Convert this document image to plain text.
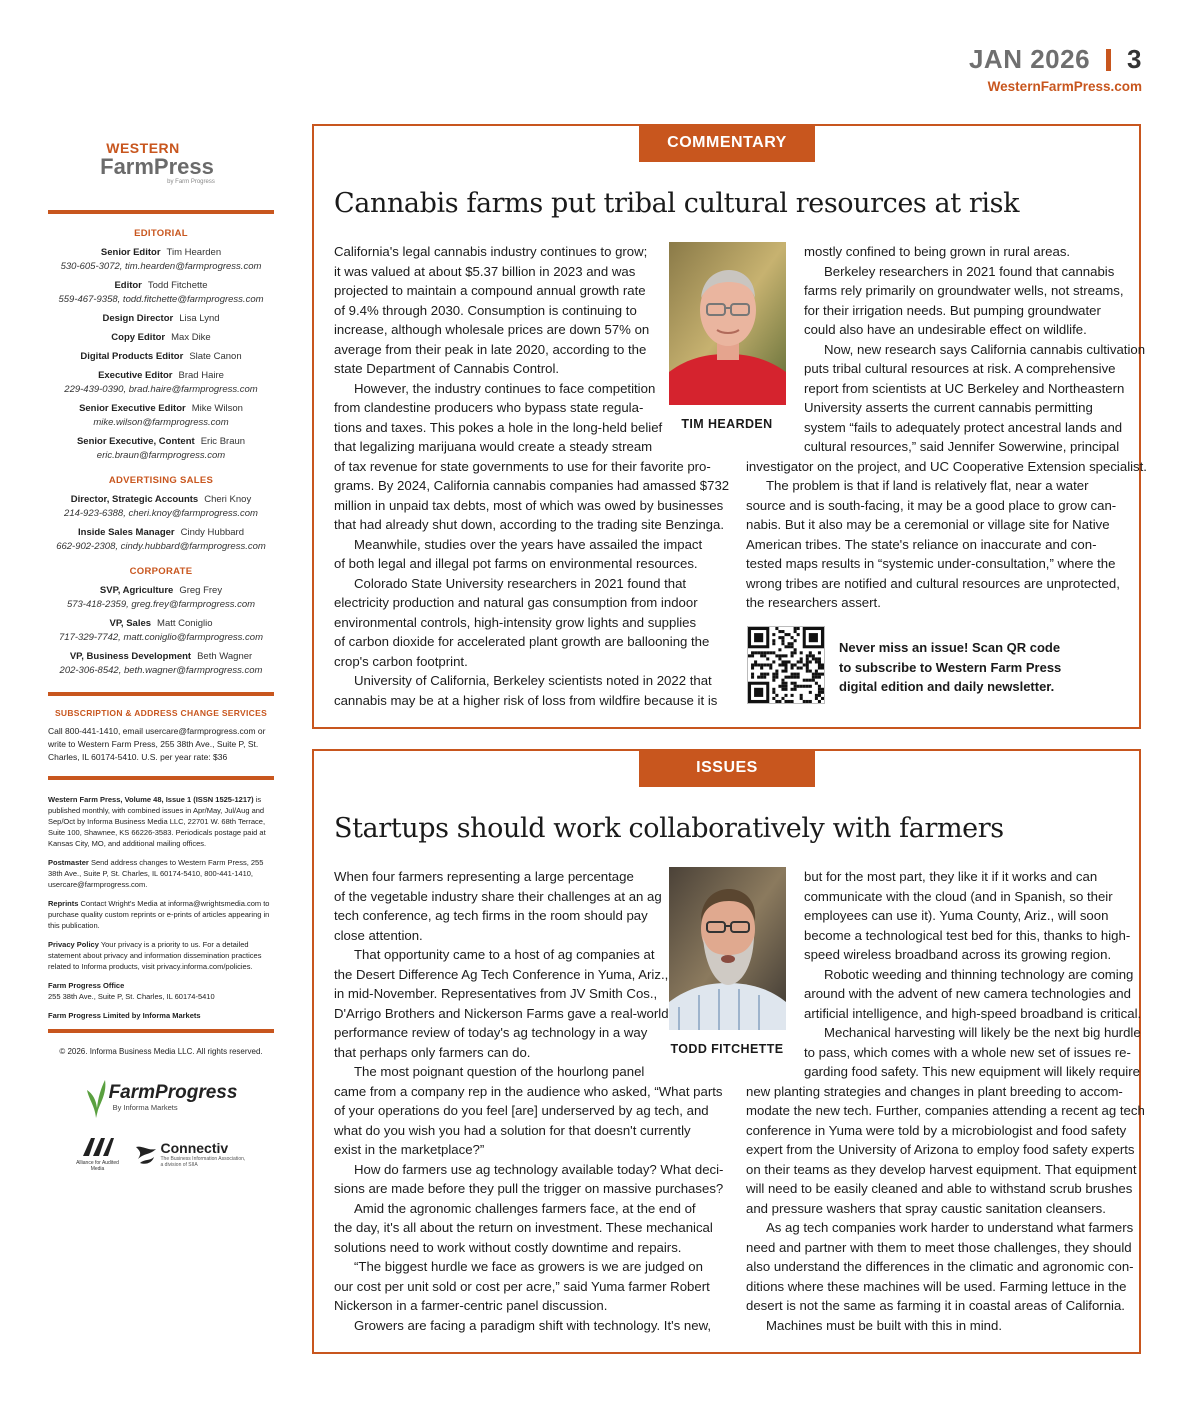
JAN 2026 3
WesternFarmPress.com
WESTERN
FarmPress
by Farm Progress
EDITORIAL
Senior Editor Tim Hearden
530-605-3072, tim.hearden@farmprogress.com
Editor Todd Fitchette
559-467-9358, todd.fitchette@farmprogress.com
Design Director Lisa Lynd
Copy Editor Max Dike
Digital Products Editor Slate Canon
Executive Editor Brad Haire
229-439-0390, brad.haire@farmprogress.com
Senior Executive Editor Mike Wilson
mike.wilson@farmprogress.com
Senior Executive, Content Eric Braun
eric.braun@farmprogress.com
ADVERTISING SALES
Director, Strategic Accounts Cheri Knoy
214-923-6388, cheri.knoy@farmprogress.com
Inside Sales Manager Cindy Hubbard
662-902-2308, cindy.hubbard@farmprogress.com
CORPORATE
SVP, Agriculture Greg Frey
573-418-2359, greg.frey@farmprogress.com
VP, Sales Matt Coniglio
717-329-7742, matt.coniglio@farmprogress.com
VP, Business Development Beth Wagner
202-306-8542, beth.wagner@farmprogress.com
SUBSCRIPTION & ADDRESS CHANGE SERVICES
Call 800-441-1410, email usercare@farmprogress.com or write to Western Farm Press, 255 38th Ave., Suite P, St. Charles, IL 60174-5410. U.S. per year rate: $36

Western Farm Press, Volume 48, Issue 1 (ISSN 1525-1217) is published monthly, with combined issues in Apr/May, Jul/Aug and Sep/Oct by Informa Business Media LLC, 22701 W. 68th Terrace, Suite 100, Shawnee, KS 66226-3583. Periodicals postage paid at Kansas City, MO, and additional mailing offices.

Postmaster Send address changes to Western Farm Press, 255 38th Ave., Suite P, St. Charles, IL 60174-5410, 800-441-1410, usercare@farmprogress.com.

Reprints Contact Wright's Media at informa@wrightsmedia.com to purchase quality custom reprints or e-prints of articles appearing in this publication.

Privacy Policy Your privacy is a priority to us. For a detailed statement about privacy and information dissemination practices related to Informa products, visit privacy.informa.com/policies.

Farm Progress Office
255 38th Ave., Suite P, St. Charles, IL 60174-5410

Farm Progress Limited by Informa Markets

© 2026. Informa Business Media LLC. All rights reserved.
FarmProgress
By Informa Markets
Alliance for Audited Media
Connectiv
The Business Information Association, a division of SIIA
COMMENTARY
Cannabis farms put tribal cultural resources at risk

California's legal cannabis industry continues to grow;

it was valued at about $5.37 billion in 2023 and was

projected to maintain a compound annual growth rate

of 9.4% through 2030. Consumption is continuing to

increase, although wholesale prices are down 57% on

average from their peak in late 2020, according to the

state Department of Cannabis Control.

However, the industry continues to face competition

from clandestine producers who bypass state regula-

tions and taxes. This pokes a hole in the long-held belief

that legalizing marijuana would create a steady stream

of tax revenue for state governments to use for their favorite pro-

grams. By 2024, California cannabis companies had amassed $732

million in unpaid tax debts, most of which was owed by businesses

that had already shut down, according to the trading site Benzinga.

Meanwhile, studies over the years have assailed the impact

of both legal and illegal pot farms on environmental resources.

Colorado State University researchers in 2021 found that

electricity production and natural gas consumption from indoor

environmental controls, high-intensity grow lights and supplies

of carbon dioxide for accelerated plant growth are ballooning the

crop's carbon footprint.

University of California, Berkeley scientists noted in 2022 that

cannabis may be at a higher risk of loss from wildfire because it is

TIM HEARDEN

mostly confined to being grown in rural areas.

Berkeley researchers in 2021 found that cannabis

farms rely primarily on groundwater wells, not streams,

for their irrigation needs. But pumping groundwater

could also have an undesirable effect on wildlife.

Now, new research says California cannabis cultivation

puts tribal cultural resources at risk. A comprehensive

report from scientists at UC Berkeley and Northeastern

University asserts the current cannabis permitting

system “fails to adequately protect ancestral lands and

cultural resources,” said Jennifer Sowerwine, principal

investigator on the project, and UC Cooperative Extension specialist.

The problem is that if land is relatively flat, near a water

source and is south-facing, it may be a good place to grow can-

nabis. But it also may be a ceremonial or village site for Native

American tribes. The state's reliance on inaccurate and con-

tested maps results in “systemic under-consultation,” where the

wrong tribes are notified and cultural resources are unprotected,

the researchers assert.

Never miss an issue! Scan QR code
to subscribe to Western Farm Press
digital edition and daily newsletter.
ISSUES
Startups should work collaboratively with farmers

When four farmers representing a large percentage

of the vegetable industry share their challenges at an ag

tech conference, ag tech firms in the room should pay

close attention.

That opportunity came to a host of ag companies at

the Desert Difference Ag Tech Conference in Yuma, Ariz.,

in mid-November. Representatives from JV Smith Cos.,

D'Arrigo Brothers and Nickerson Farms gave a real-world

performance review of today's ag technology in a way

that perhaps only farmers can do.

The most poignant question of the hourlong panel

came from a company rep in the audience who asked, “What parts

of your operations do you feel [are] underserved by ag tech, and

what do you wish you had a solution for that doesn't currently

exist in the marketplace?”

How do farmers use ag technology available today? What deci-

sions are made before they pull the trigger on massive purchases?

Amid the agronomic challenges farmers face, at the end of

the day, it's all about the return on investment. These mechanical

solutions need to work without costly downtime and repairs.

“The biggest hurdle we face as growers is we are judged on

our cost per unit sold or cost per acre,” said Yuma farmer Robert

Nickerson in a farmer-centric panel discussion.

Growers are facing a paradigm shift with technology. It's new,

TODD FITCHETTE

but for the most part, they like it if it works and can

communicate with the cloud (and in Spanish, so their

employees can use it). Yuma County, Ariz., will soon

become a technological test bed for this, thanks to high-

speed wireless broadband across its growing region.

Robotic weeding and thinning technology are coming

around with the advent of new camera technologies and

artificial intelligence, and high-speed broadband is critical.

Mechanical harvesting will likely be the next big hurdle

to pass, which comes with a whole new set of issues re-

garding food safety. This new equipment will likely require

new planting strategies and changes in plant breeding to accom-

modate the new tech. Further, companies attending a recent ag tech

conference in Yuma were told by a microbiologist and food safety

expert from the University of Arizona to employ food safety experts

on their teams as they develop harvest equipment. That equipment

will need to be easily cleaned and able to withstand scrub brushes

and pressure washers that spray caustic sanitation cleansers.

As ag tech companies work harder to understand what farmers

need and partner with them to meet those challenges, they should

also understand the differences in the climatic and agronomic con-

ditions where these machines will be used. Farming lettuce in the

desert is not the same as farming it in coastal areas of California.

Machines must be built with this in mind.
